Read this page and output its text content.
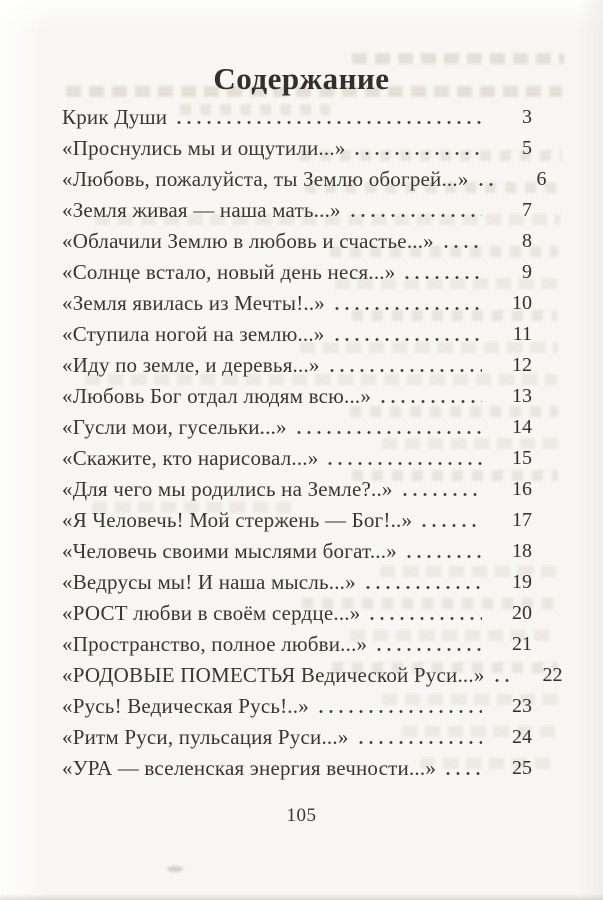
Содержание
Крик Души	3
«Проснулись мы и ощутили...»	5
«Любовь, пожалуйста, ты Землю обогрей...»	6
«Земля живая — наша мать...»	7
«Облачили Землю в любовь и счастье...»	8
«Солнце встало, новый день неся...»	9
«Земля явилась из Мечты!..»	10
«Ступила ногой на землю...»	11
«Иду по земле, и деревья...»	12
«Любовь Бог отдал людям всю...»	13
«Гусли мои, гусельки...»	14
«Скажите, кто нарисовал...»	15
«Для чего мы родились на Земле?..»	16
«Я Человечь! Мой стержень — Бог!..»	17
«Человечь своими мыслями богат...»	18
«Ведрусы мы! И наша мысль...»	19
«РОСТ любви в своём сердце...»	20
«Пространство, полное любви...»	21
«РОДОВЫЕ ПОМЕСТЬЯ Ведической Руси...»	22
«Русь! Ведическая Русь!..»	23
«Ритм Руси, пульсация Руси...»	24
«УРА — вселенская энергия вечности...»	25
105
